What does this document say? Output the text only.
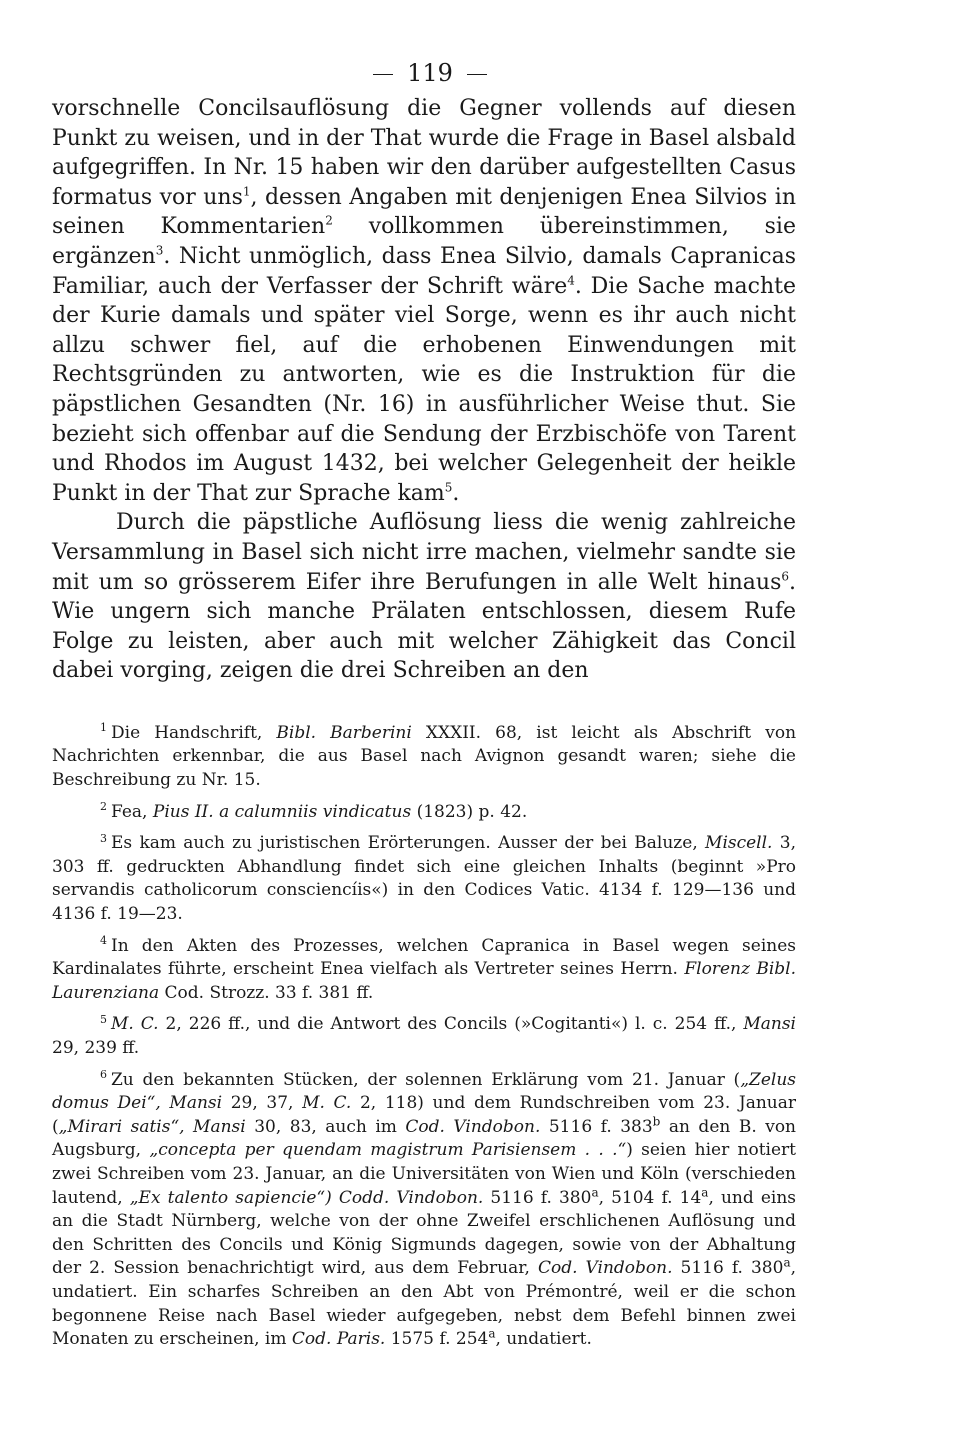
119

vorschnelle Concilsauflösung die Gegner vollends auf diesen Punkt zu weisen, und in der That wurde die Frage in Basel alsbald aufgegriffen. In Nr. 15 haben wir den darüber aufgestellten Casus formatus vor uns$^1$, dessen Angaben mit denjenigen Enea Silvios in seinen Kommentarien$^2$ vollkommen übereinstimmen, sie ergänzen$^3$. Nicht unmöglich, dass Enea Silvio, damals Capranicas Familiar, auch der Verfasser der Schrift wäre$^4$. Die Sache machte der Kurie damals und später viel Sorge, wenn es ihr auch nicht allzu schwer fiel, auf die erhobenen Einwendungen mit Rechtsgründen zu antworten, wie es die Instruktion für die päpstlichen Gesandten (Nr. 16) in ausführlicher Weise thut. Sie bezieht sich offenbar auf die Sendung der Erzbischöfe von Tarent und Rhodos im August 1432, bei welcher Gelegenheit der heikle Punkt in der That zur Sprache kam$^5$.

Durch die päpstliche Auflösung liess die wenig zahlreiche Versammlung in Basel sich nicht irre machen, vielmehr sandte sie mit um so grösserem Eifer ihre Berufungen in alle Welt hinaus$^6$. Wie ungern sich manche Prälaten entschlossen, diesem Rufe Folge zu leisten, aber auch mit welcher Zähigkeit das Concil dabei vorging, zeigen die drei Schreiben an den

$^1$ Die Handschrift, Bibl. Barberini XXXII. 68, ist leicht als Abschrift von Nachrichten erkennbar, die aus Basel nach Avignon gesandt waren; siehe die Beschreibung zu Nr. 15.

$^2$ Fea, Pius II. a calumniis vindicatus (1823) p. 42.

$^3$ Es kam auch zu juristischen Erörterungen. Ausser der bei Baluze, Miscell. 3, 303 ff. gedruckten Abhandlung findet sich eine gleichen Inhalts (beginnt »Pro servandis catholicorum consciencíis«) in den Codices Vatic. 4134 f. 129—136 und 4136 f. 19—23.

$^4$ In den Akten des Prozesses, welchen Capranica in Basel wegen seines Kardinalates führte, erscheint Enea vielfach als Vertreter seines Herrn. Florenz Bibl. Laurenziana Cod. Strozz. 33 f. 381 ff.

$^5$ M. C. 2, 226 ff., und die Antwort des Concils (»Cogitanti«) l. c. 254 ff., Mansi 29, 239 ff.

$^6$ Zu den bekannten Stücken, der solennen Erklärung vom 21. Januar („Zelus domus Dei“, Mansi 29, 37, M. C. 2, 118) und dem Rundschreiben vom 23. Januar („Mirari satis“, Mansi 30, 83, auch im Cod. Vindobon. 5116 f. 383$^b$ an den B. von Augsburg, „concepta per quendam magistrum Parisiensem . . .“) seien hier notiert zwei Schreiben vom 23. Januar, an die Universitäten von Wien und Köln (verschieden lautend, „Ex talento sapiencie“) Codd. Vindobon. 5116 f. 380$^a$, 5104 f. 14$^a$, und eins an die Stadt Nürnberg, welche von der ohne Zweifel erschlichenen Auflösung und den Schritten des Concils und König Sigmunds dagegen, sowie von der Abhaltung der 2. Session benachrichtigt wird, aus dem Februar, Cod. Vindobon. 5116 f. 380$^a$, undatiert. Ein scharfes Schreiben an den Abt von Prémontré, weil er die schon begonnene Reise nach Basel wieder aufgegeben, nebst dem Befehl binnen zwei Monaten zu erscheinen, im Cod. Paris. 1575 f. 254$^a$, undatiert.
